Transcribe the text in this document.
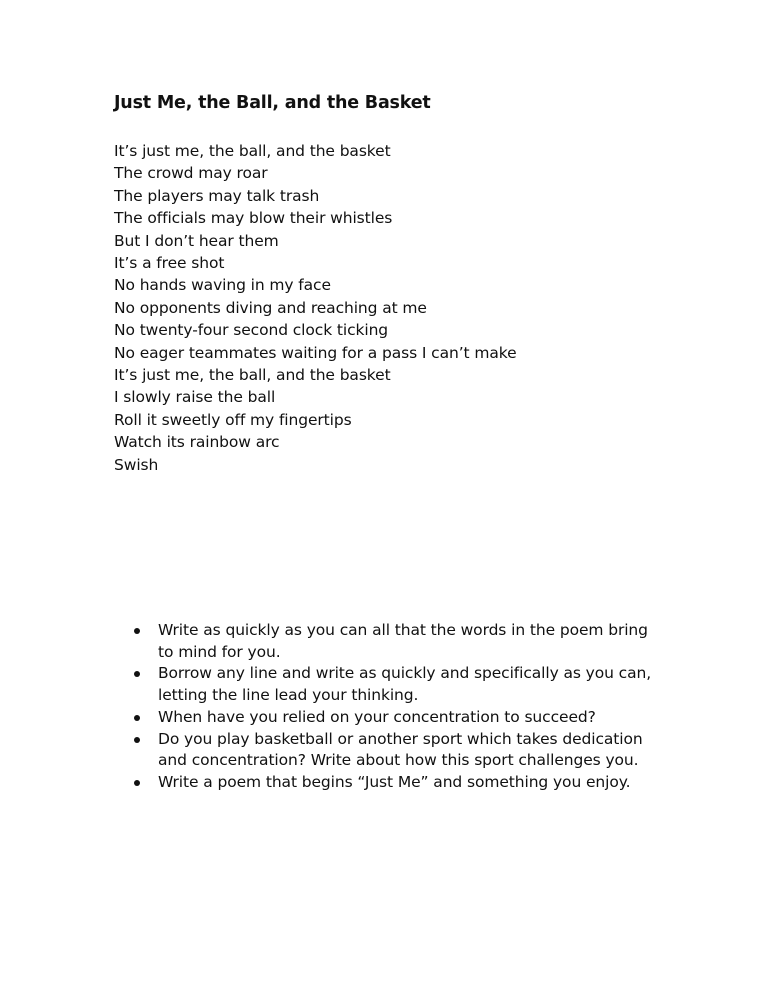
Just Me, the Ball, and the Basket
It’s just me, the ball, and the basket
The crowd may roar
The players may talk trash
The officials may blow their whistles
But I don’t hear them
It’s a free shot
No hands waving in my face
No opponents diving and reaching at me
No twenty-four second clock ticking
No eager teammates waiting for a pass I can’t make
It’s just me, the ball, and the basket
I slowly raise the ball
Roll it sweetly off my fingertips
Watch its rainbow arc
Swish
Write as quickly as you can all that the words in the poem bring to mind for you.
Borrow any line and write as quickly and specifically as you can, letting the line lead your thinking.
When have you relied on your concentration to succeed?
Do you play basketball or another sport which takes dedication and concentration? Write about how this sport challenges you.
Write a poem that begins “Just Me” and something you enjoy.
